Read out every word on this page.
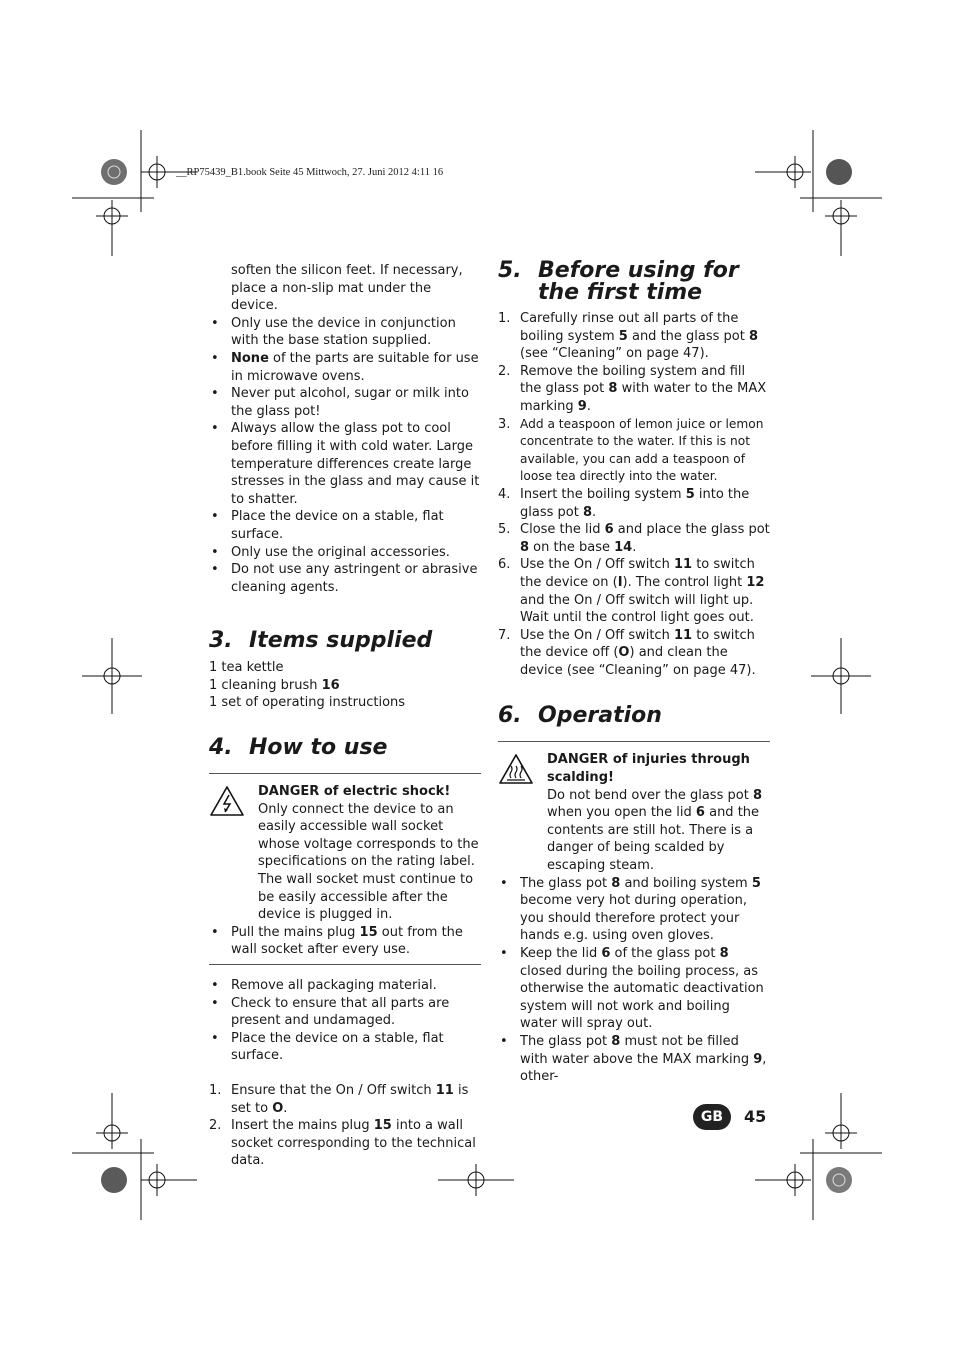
__RP75439_B1.book Seite 45 Mittwoch, 27. Juni 2012 4:11 16

soften the silicon feet. If necessary, place a non-slip mat under the device.

• Only use the device in conjunction with the base station supplied.
• None of the parts are suitable for use in microwave ovens.
• Never put alcohol, sugar or milk into the glass pot!
• Always allow the glass pot to cool before filling it with cold water. Large temperature differences create large stresses in the glass and may cause it to shatter.
• Place the device on a stable, flat surface.
• Only use the original accessories.
• Do not use any astringent or abrasive cleaning agents.
3. Items supplied

1 tea kettle

1 cleaning brush 16

1 set of operating instructions

4. How to use

DANGER of electric shock!

Only connect the device to an easily accessible wall socket whose voltage corresponds to the specifications on the rating label. The wall socket must continue to be easily accessible after the device is plugged in.

• Pull the mains plug 15 out from the wall socket after every use.
• Remove all packaging material.
• Check to ensure that all parts are present and undamaged.
• Place the device on a stable, flat surface.
1. Ensure that the On / Off switch 11 is set to O.
2. Insert the mains plug 15 into a wall socket corresponding to the technical data.
5. Before using for the first time
1. Carefully rinse out all parts of the boiling system 5 and the glass pot 8 (see “Cleaning” on page 47).
2. Remove the boiling system and fill the glass pot 8 with water to the MAX marking 9.
3. Add a teaspoon of lemon juice or lemon concentrate to the water. If this is not available, you can add a teaspoon of loose tea directly into the water.
4. Insert the boiling system 5 into the glass pot 8.
5. Close the lid 6 and place the glass pot 8 on the base 14.
6. Use the On / Off switch 11 to switch the device on (I). The control light 12 and the On / Off switch will light up. Wait until the control light goes out.
7. Use the On / Off switch 11 to switch the device off (O) and clean the device (see “Cleaning” on page 47).
6. Operation

DANGER of injuries through scalding!

Do not bend over the glass pot 8 when you open the lid 6 and the contents are still hot. There is a danger of being scalded by escaping steam.

• The glass pot 8 and boiling system 5 become very hot during operation, you should therefore protect your hands e.g. using oven gloves.
• Keep the lid 6 of the glass pot 8 closed during the boiling process, as otherwise the automatic deactivation system will not work and boiling water will spray out.
• The glass pot 8 must not be filled with water above the MAX marking 9, other-
GB	45
